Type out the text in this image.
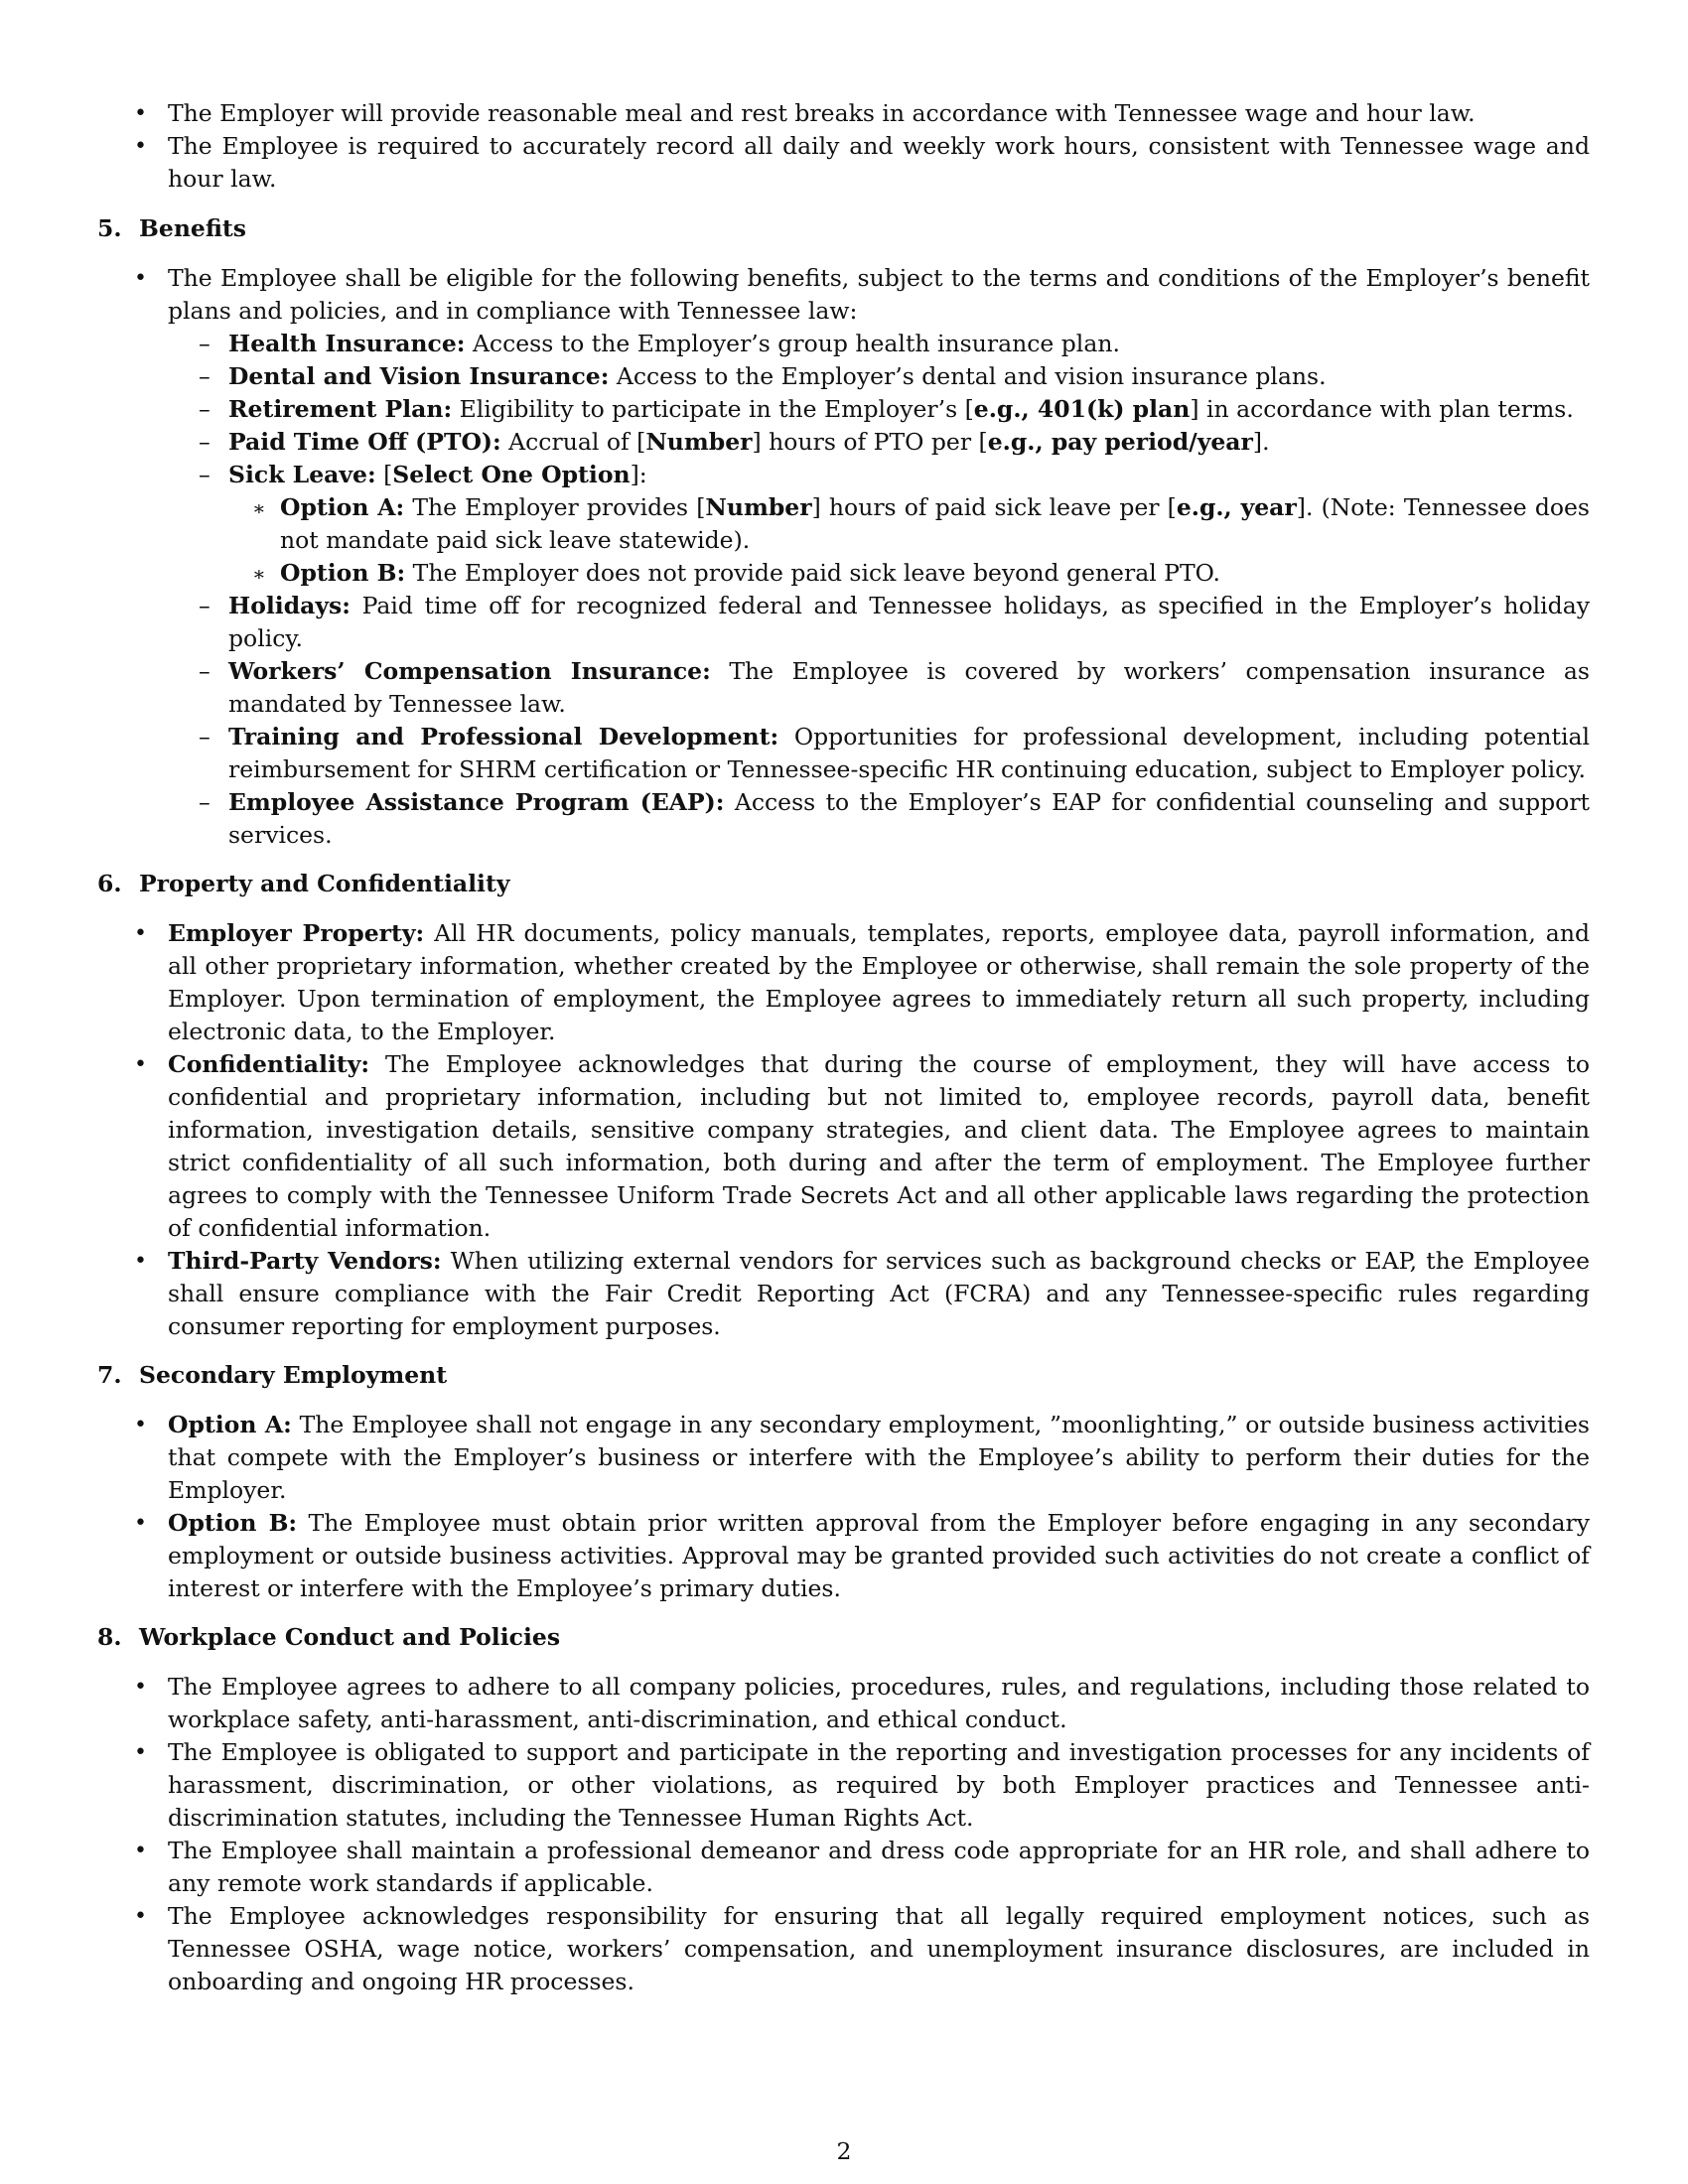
• The Employer will provide reasonable meal and rest breaks in accordance with Tennessee wage and hour law.
• The Employee is required to accurately record all daily and weekly work hours, consistent with Tennessee wage and hour law.
5. Benefits
• The Employee shall be eligible for the following benefits, subject to the terms and conditions of the Employer’s benefit plans and policies, and in compliance with Tennessee law:
– Health Insurance: Access to the Employer’s group health insurance plan.
– Dental and Vision Insurance: Access to the Employer’s dental and vision insurance plans.
– Retirement Plan: Eligibility to participate in the Employer’s [e.g., 401(k) plan] in accordance with plan terms.
– Paid Time Off (PTO): Accrual of [Number] hours of PTO per [e.g., pay period/year].
– Sick Leave: [Select One Option]:
∗ Option A: The Employer provides [Number] hours of paid sick leave per [e.g., year]. (Note: Tennessee does not mandate paid sick leave statewide).
∗ Option B: The Employer does not provide paid sick leave beyond general PTO.
– Holidays: Paid time off for recognized federal and Tennessee holidays, as specified in the Employer’s holiday policy.
– Workers’ Compensation Insurance: The Employee is covered by workers’ compensation insurance as mandated by Tennessee law.
– Training and Professional Development: Opportunities for professional development, including potential reimbursement for SHRM certification or Tennessee-specific HR continuing education, subject to Employer policy.
– Employee Assistance Program (EAP): Access to the Employer’s EAP for confidential counseling and support services.
6. Property and Confidentiality
• Employer Property: All HR documents, policy manuals, templates, reports, employee data, payroll information, and all other proprietary information, whether created by the Employee or otherwise, shall remain the sole property of the Employer. Upon termination of employment, the Employee agrees to immediately return all such property, including electronic data, to the Employer.
• Confidentiality: The Employee acknowledges that during the course of employment, they will have access to confidential and proprietary information, including but not limited to, employee records, payroll data, benefit information, investigation details, sensitive company strategies, and client data. The Employee agrees to maintain strict confidentiality of all such information, both during and after the term of employment. The Employee further agrees to comply with the Tennessee Uniform Trade Secrets Act and all other applicable laws regarding the protection of confidential information.
• Third-Party Vendors: When utilizing external vendors for services such as background checks or EAP, the Employee shall ensure compliance with the Fair Credit Reporting Act (FCRA) and any Tennessee-specific rules regarding consumer reporting for employment purposes.
7. Secondary Employment
• Option A: The Employee shall not engage in any secondary employment, ”moonlighting,” or outside business activities that compete with the Employer’s business or interfere with the Employee’s ability to perform their duties for the Employer.
• Option B: The Employee must obtain prior written approval from the Employer before engaging in any secondary employment or outside business activities. Approval may be granted provided such activities do not create a conflict of interest or interfere with the Employee’s primary duties.
8. Workplace Conduct and Policies
• The Employee agrees to adhere to all company policies, procedures, rules, and regulations, including those related to workplace safety, anti-harassment, anti-discrimination, and ethical conduct.
• The Employee is obligated to support and participate in the reporting and investigation processes for any incidents of harassment, discrimination, or other violations, as required by both Employer practices and Tennessee anti-discrimination statutes, including the Tennessee Human Rights Act.
• The Employee shall maintain a professional demeanor and dress code appropriate for an HR role, and shall adhere to any remote work standards if applicable.
• The Employee acknowledges responsibility for ensuring that all legally required employment notices, such as Tennessee OSHA, wage notice, workers’ compensation, and unemployment insurance disclosures, are included in onboarding and ongoing HR processes.
2
